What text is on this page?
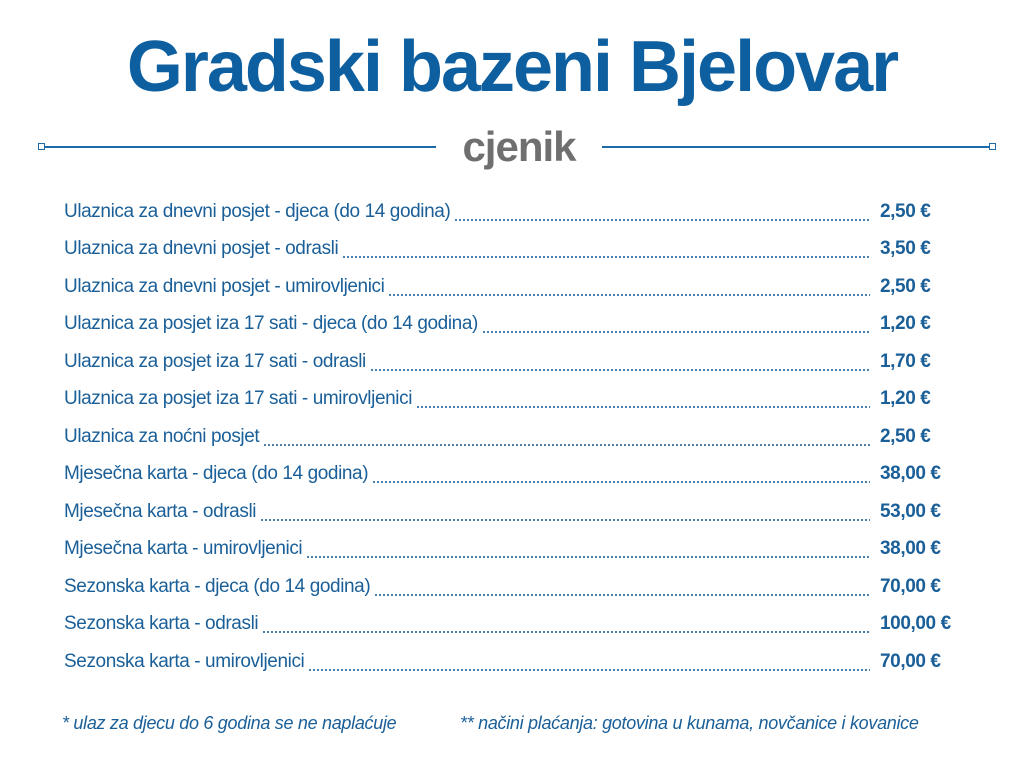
Gradski bazeni Bjelovar
cjenik
Ulaznica za dnevni posjet - djeca (do 14 godina)	2,50 €
Ulaznica za dnevni posjet - odrasli	3,50 €
Ulaznica za dnevni posjet - umirovljenici	2,50 €
Ulaznica za posjet iza 17 sati - djeca (do 14 godina)	1,20 €
Ulaznica za posjet iza 17 sati - odrasli	1,70 €
Ulaznica za posjet iza 17 sati - umirovljenici	1,20 €
Ulaznica za noćni posjet	2,50 €
Mjesečna karta - djeca (do 14 godina)	38,00 €
Mjesečna karta - odrasli	53,00 €
Mjesečna karta - umirovljenici	38,00 €
Sezonska karta - djeca (do 14 godina)	70,00 €
Sezonska karta - odrasli	100,00 €
Sezonska karta - umirovljenici	70,00 €
* ulaz za djecu do 6 godina se ne naplaćuje	** načini plaćanja: gotovina u kunama, novčanice i kovanice
